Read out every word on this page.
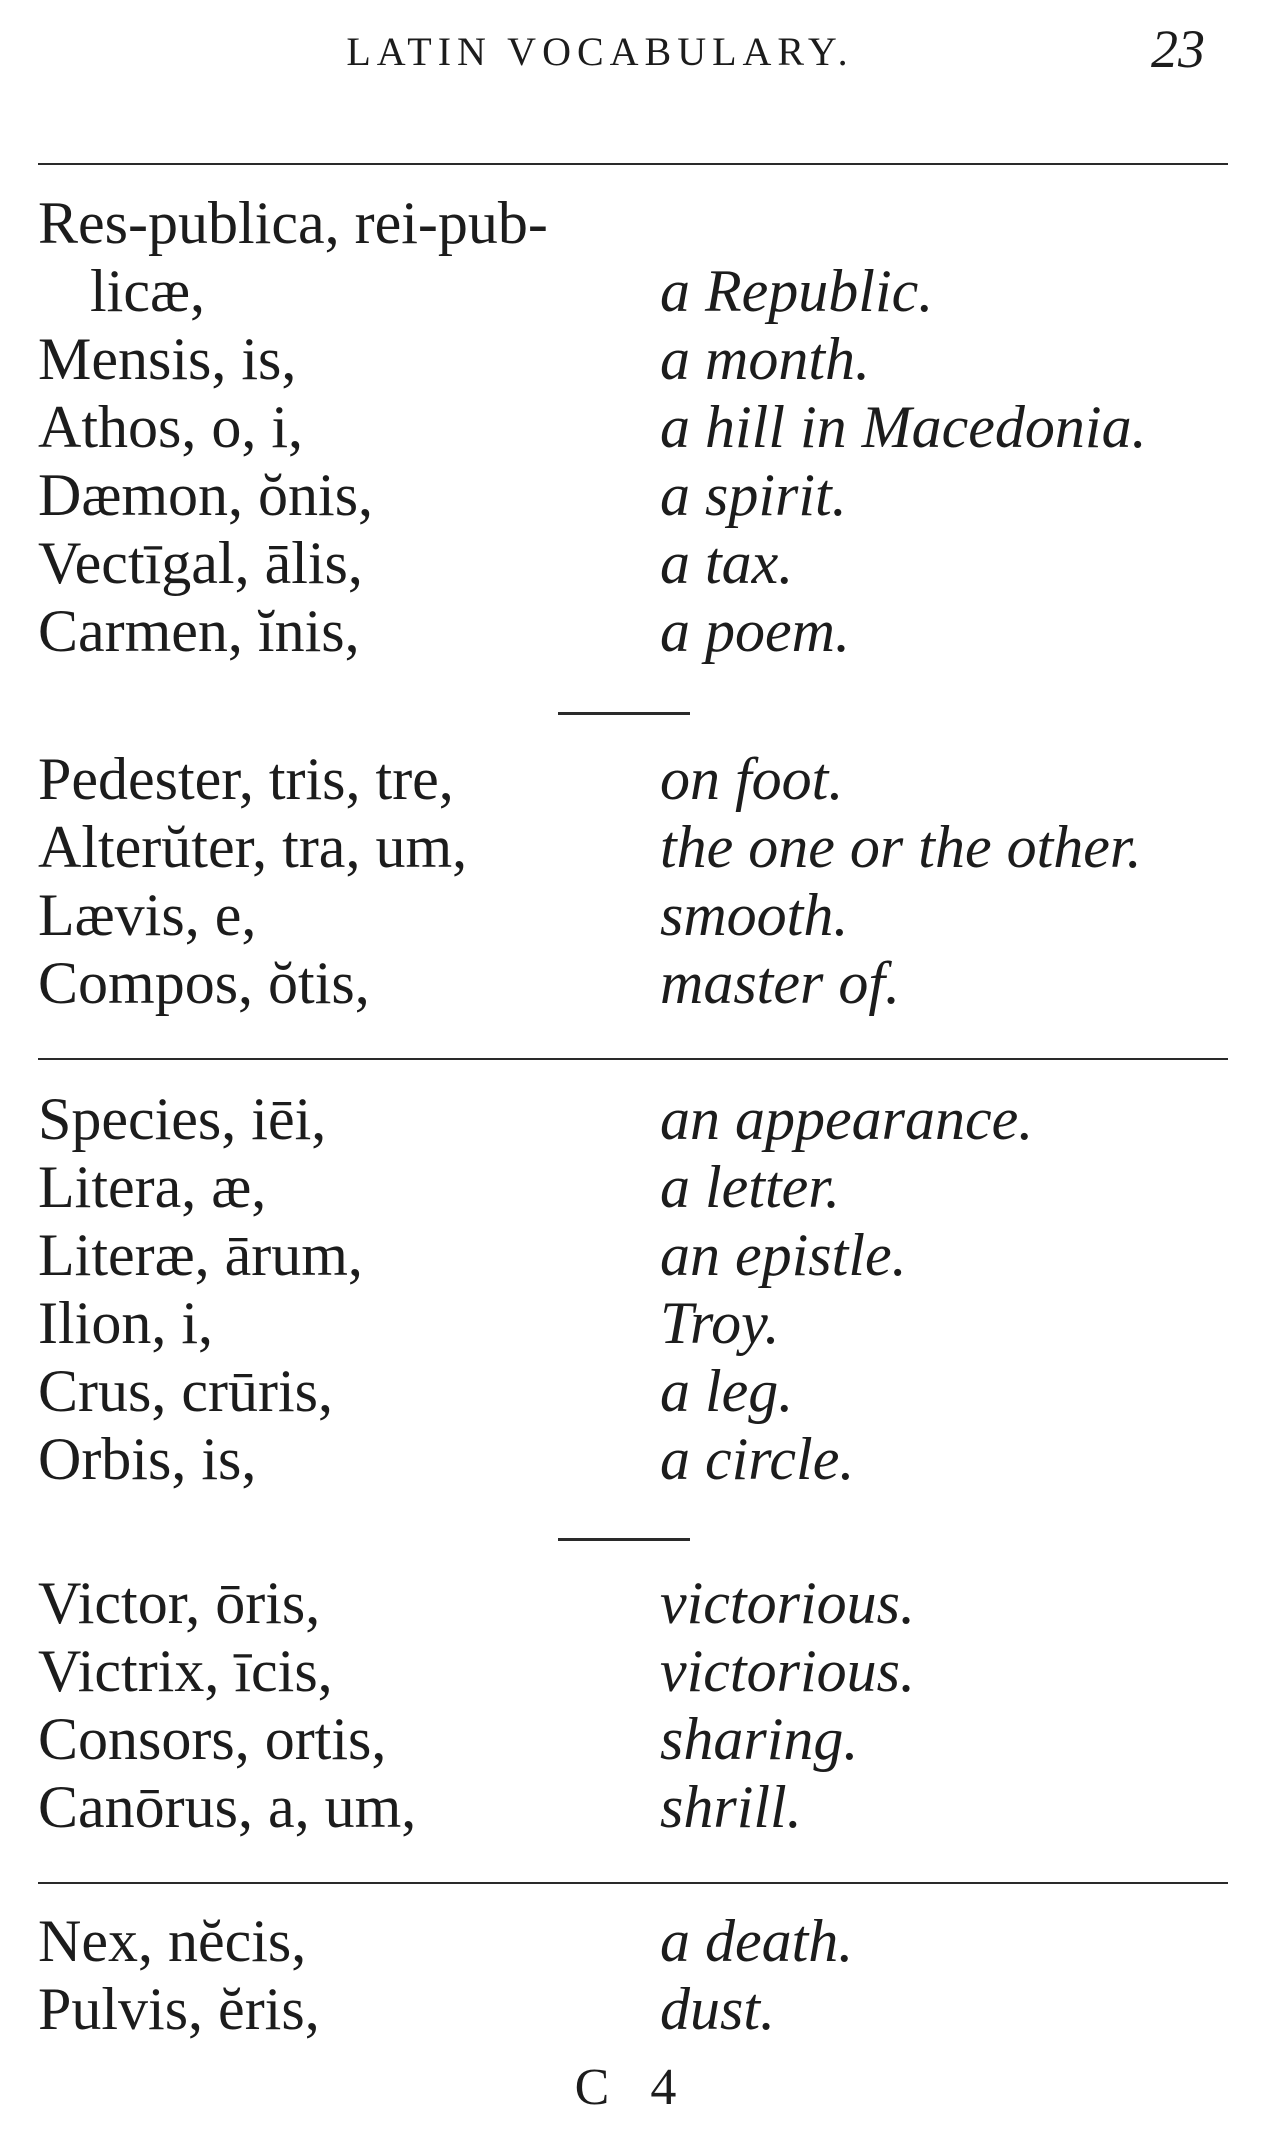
LATIN VOCABULARY.	23
Res-publica, rei-pub-
licæ,	a Republic.
Mensis, is,	a month.
Athos, o, i,	a hill in Macedonia.
Dæmon, ŏnis,	a spirit.
Vectīgal, ālis,	a tax.
Carmen, ĭnis,	a poem.
Pedester, tris, tre,	on foot.
Alterŭter, tra, um,	the one or the other.
Lævis, e,	smooth.
Compos, ŏtis,	master of.
Species, iēi,	an appearance.
Litera, æ,	a letter.
Literæ, ārum,	an epistle.
Ilion, i,	Troy.
Crus, crūris,	a leg.
Orbis, is,	a circle.
Victor, ōris,	victorious.
Victrix, īcis,	victorious.
Consors, ortis,	sharing.
Canōrus, a, um,	shrill.
Nex, nĕcis,	a death.
Pulvis, ĕris,	dust.
C 4
